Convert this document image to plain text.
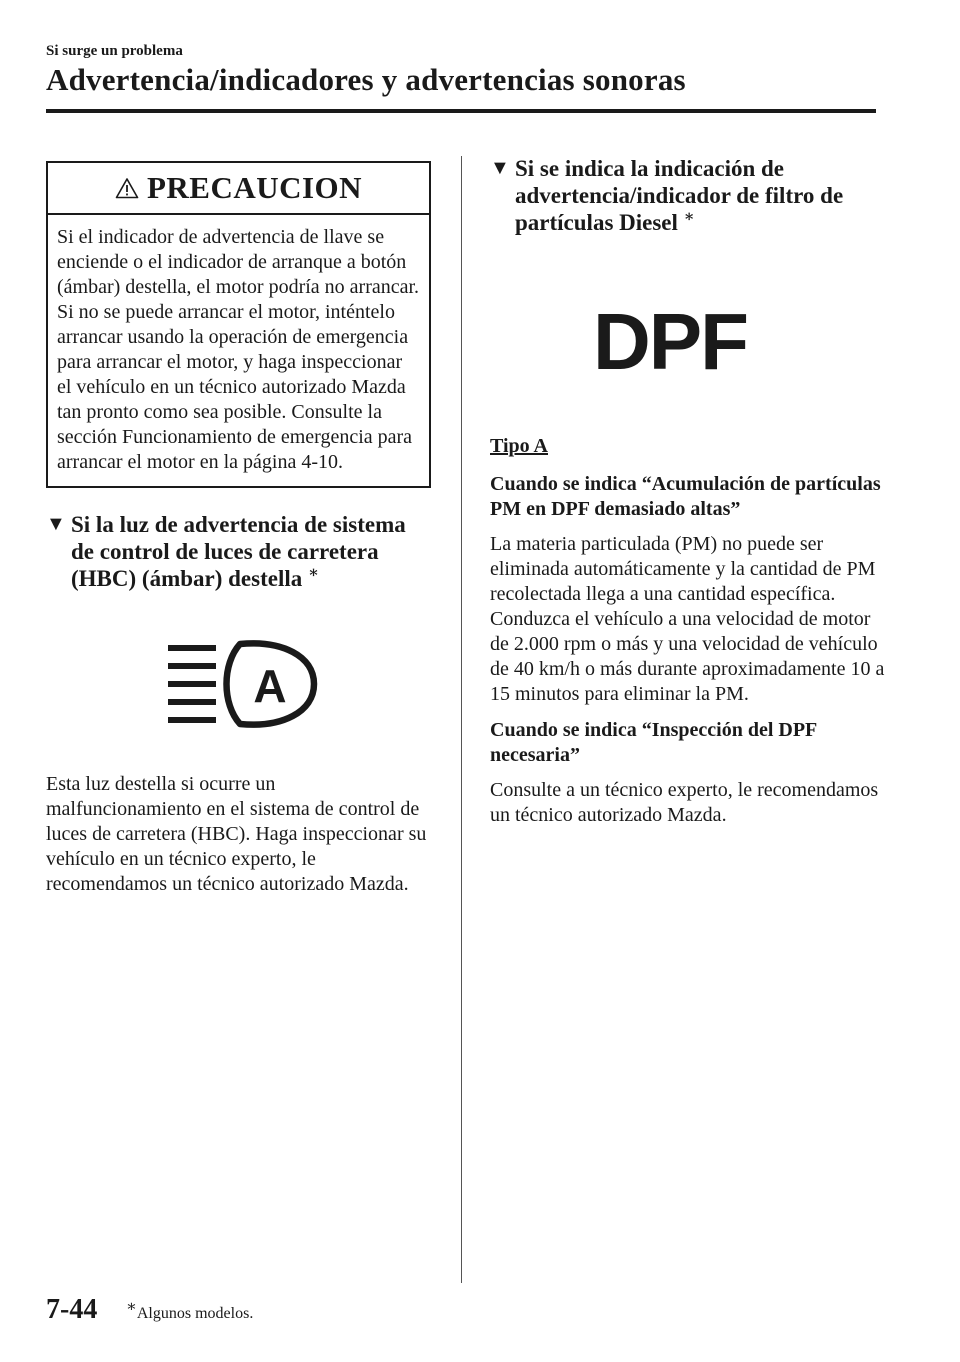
Si surge un problema
Advertencia/indicadores y advertencias sonoras
PRECAUCION
Si el indicador de advertencia de llave se enciende o el indicador de arranque a botón (ámbar) destella, el motor podría no arrancar. Si no se puede arrancar el motor, inténtelo arrancar usando la operación de emergencia para arrancar el motor, y haga inspeccionar el vehículo en un técnico autorizado Mazda tan pronto como sea posible. Consulte la sección Funcionamiento de emergencia para arrancar el motor en la página 4-10.
▼ Si la luz de advertencia de sistema de control de luces de carretera (HBC) (ámbar) destella ∗
A

Esta luz destella si ocurre un malfuncionamiento en el sistema de control de luces de carretera (HBC). Haga inspeccionar su vehículo en un técnico experto, le recomendamos un técnico autorizado Mazda.

▼ Si se indica la indicación de advertencia/indicador de filtro de partículas Diesel ∗
DPF

Tipo A

Cuando se indica “Acumulación de partículas PM en DPF demasiado altas”

La materia particulada (PM) no puede ser eliminada automáticamente y la cantidad de PM recolectada llega a una cantidad específica.

Conduzca el vehículo a una velocidad de motor de 2.000 rpm o más y una velocidad de vehículo de 40 km/h o más durante aproximadamente 10 a 15 minutos para eliminar la PM.

Cuando se indica “Inspección del DPF necesaria”

Consulte a un técnico experto, le recomendamos un técnico autorizado Mazda.

7-44 ∗Algunos modelos.
